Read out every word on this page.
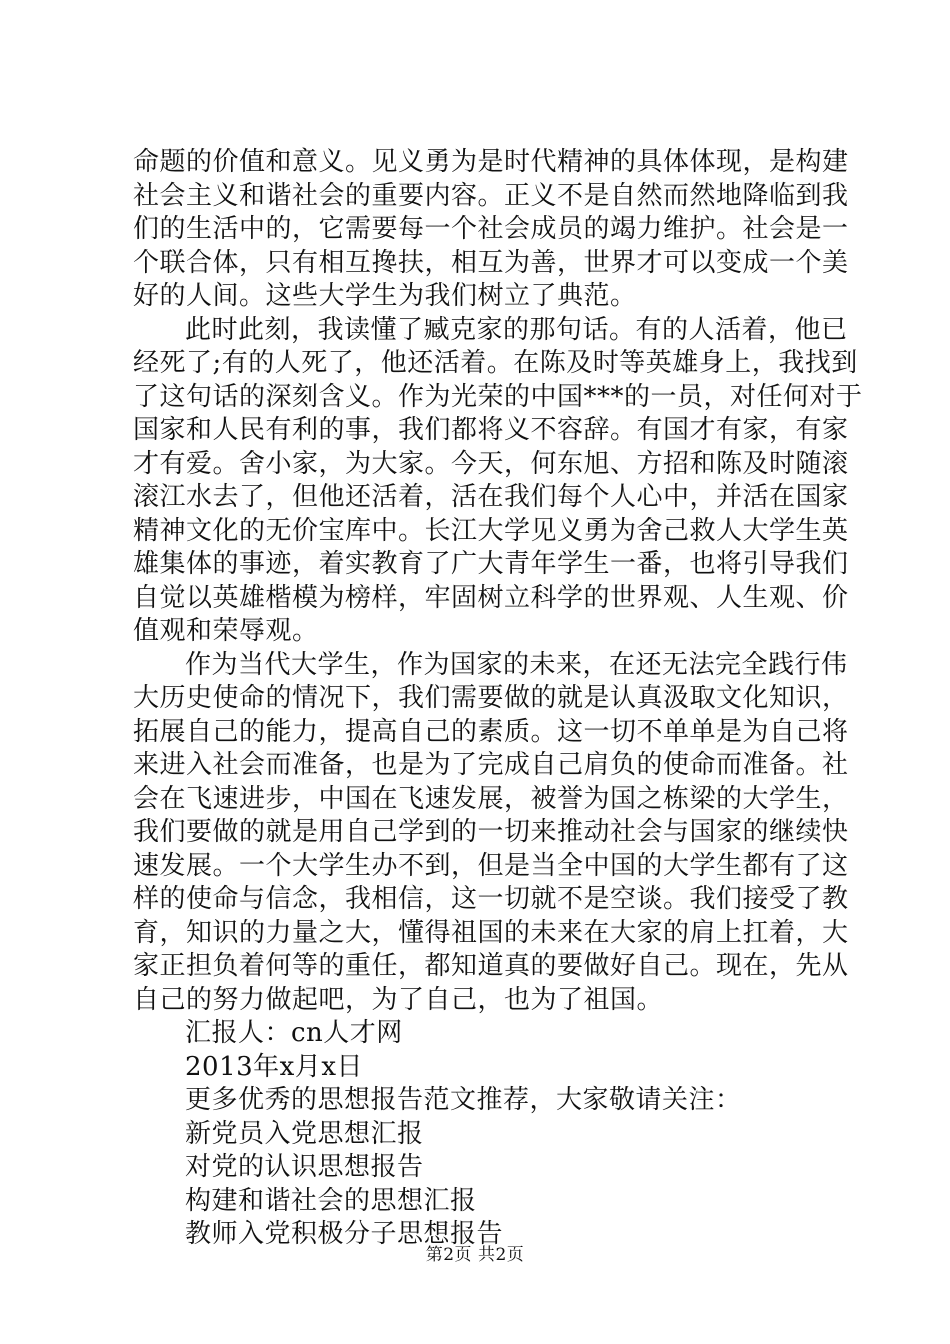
命题的价值和意义。见义勇为是时代精神的具体体现，是构建
社会主义和谐社会的重要内容。正义不是自然而然地降临到我
们的生活中的，它需要每一个社会成员的竭力维护。社会是一
个联合体，只有相互搀扶，相互为善，世界才可以变成一个美
好的人间。这些大学生为我们树立了典范。
此时此刻，我读懂了臧克家的那句话。有的人活着，他已
经死了;有的人死了，他还活着。在陈及时等英雄身上，我找到
了这句话的深刻含义。作为光荣的中国***的一员，对任何对于
国家和人民有利的事，我们都将义不容辞。有国才有家，有家
才有爱。舍小家，为大家。今天，何东旭、方招和陈及时随滚
滚江水去了，但他还活着，活在我们每个人心中，并活在国家
精神文化的无价宝库中。长江大学见义勇为舍己救人大学生英
雄集体的事迹，着实教育了广大青年学生一番，也将引导我们
自觉以英雄楷模为榜样，牢固树立科学的世界观、人生观、价
值观和荣辱观。
作为当代大学生，作为国家的未来，在还无法完全践行伟
大历史使命的情况下，我们需要做的就是认真汲取文化知识，
拓展自己的能力，提高自己的素质。这一切不单单是为自己将
来进入社会而准备，也是为了完成自己肩负的使命而准备。社
会在飞速进步，中国在飞速发展，被誉为国之栋梁的大学生，
我们要做的就是用自己学到的一切来推动社会与国家的继续快
速发展。一个大学生办不到，但是当全中国的大学生都有了这
样的使命与信念，我相信，这一切就不是空谈。我们接受了教
育，知识的力量之大，懂得祖国的未来在大家的肩上扛着，大
家正担负着何等的重任，都知道真的要做好自己。现在，先从
自己的努力做起吧，为了自己，也为了祖国。
汇报人：cn人才网
2013年x月x日
更多优秀的思想报告范文推荐，大家敬请关注：
新党员入党思想汇报
对党的认识思想报告
构建和谐社会的思想汇报
教师入党积极分子思想报告
第2页 共2页
